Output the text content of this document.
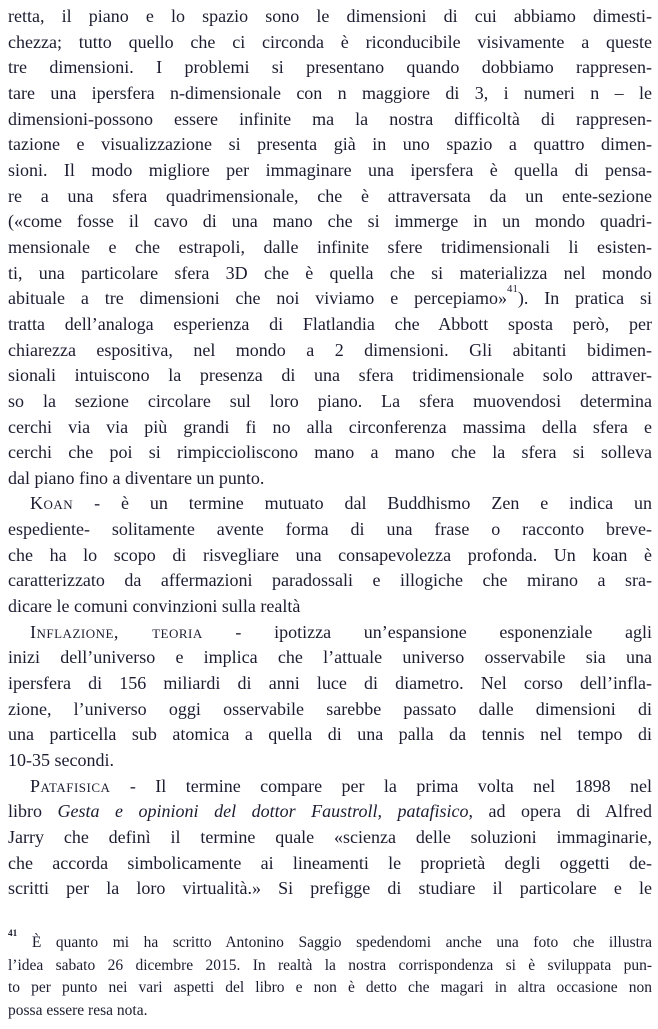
retta, il piano e lo spazio sono le dimensioni di cui abbiamo dimesti-
chezza; tutto quello che ci circonda è riconducibile visivamente a queste
tre dimensioni. I problemi si presentano quando dobbiamo rappresen-
tare una ipersfera n-dimensionale con n maggiore di 3, i numeri n – le
dimensioni-possono essere infinite ma la nostra difficoltà di rappresen-
tazione e visualizzazione si presenta già in uno spazio a quattro dimen-
sioni. Il modo migliore per immaginare una ipersfera è quella di pensa-
re a una sfera quadrimensionale, che è attraversata da un ente-sezione
(«come fosse il cavo di una mano che si immerge in un mondo quadri-
mensionale e che estrapoli, dalle infinite sfere tridimensionali li esisten-
ti, una particolare sfera 3D che è quella che si materializza nel mondo
abituale a tre dimensioni che noi viviamo e percepiamo»$^{41}$). In pratica si
tratta dell’analoga esperienza di Flatlandia che Abbott sposta però, per
chiarezza espositiva, nel mondo a 2 dimensioni. Gli abitanti bidimen-
sionali intuiscono la presenza di una sfera tridimensionale solo attraver-
so la sezione circolare sul loro piano. La sfera muovendosi determina
cerchi via via più grandi fi no alla circonferenza massima della sfera e
cerchi che poi si rimpiccioliscono mano a mano che la sfera si solleva
dal piano fino a diventare un punto.
Koan - è un termine mutuato dal Buddhismo Zen e indica un
espediente- solitamente avente forma di una frase o racconto breve-
che ha lo scopo di risvegliare una consapevolezza profonda. Un koan è
caratterizzato da affermazioni paradossali e illogiche che mirano a sra-
dicare le comuni convinzioni sulla realtà
Inflazione, teoria - ipotizza un’espansione esponenziale agli
inizi dell’universo e implica che l’attuale universo osservabile sia una
ipersfera di 156 miliardi di anni luce di diametro. Nel corso dell’infla-
zione, l’universo oggi osservabile sarebbe passato dalle dimensioni di
una particella sub atomica a quella di una palla da tennis nel tempo di
10-35 secondi.
Patafisica - Il termine compare per la prima volta nel 1898 nel
libro Gesta e opinioni del dottor Faustroll, patafisico, ad opera di Alfred
Jarry che definì il termine quale «scienza delle soluzioni immaginarie,
che accorda simbolicamente ai lineamenti le proprietà degli oggetti de-
scritti per la loro virtualità.» Si prefigge di studiare il particolare e le
$^{41}$ È quanto mi ha scritto Antonino Saggio spedendomi anche una foto che illustra
l’idea sabato 26 dicembre 2015. In realtà la nostra corrispondenza si è sviluppata pun-
to per punto nei vari aspetti del libro e non è detto che magari in altra occasione non
possa essere resa nota.
